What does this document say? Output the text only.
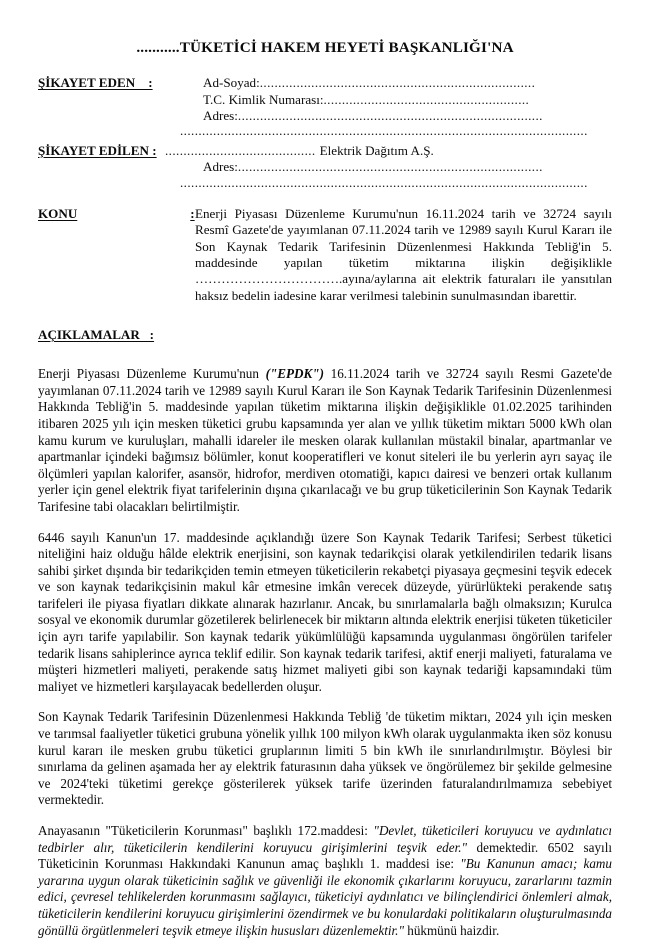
...........TÜKETİCİ HAKEM HEYETİ BAŞKANLIĞI'NA
ŞİKAYET EDEN    :	Ad-Soyad: ...........................................................................
T.C. Kimlik Numarası: ........................................................
Adres: ...................................................................................
...............................................................................................................
ŞİKAYET EDİLEN : ......................................... Elektrik Dağıtım A.Ş.
Adres: ...................................................................................
...............................................................................................................
KONU	: Enerji Piyasası Düzenleme Kurumu'nun 16.11.2024 tarih ve 32724 sayılı Resmî Gazete'de yayımlanan 07.11.2024 tarih ve 12989 sayılı Kurul Kararı ile Son Kaynak Tedarik Tarifesinin Düzenlenmesi Hakkında Tebliğ'in 5. maddesinde yapılan tüketim miktarına ilişkin değişiklikle …………………………….ayına/aylarına ait elektrik faturaları ile yansıtılan haksız bedelin iadesine karar verilmesi talebinin sunulmasından ibarettir.

AÇIKLAMALAR   :

Enerji Piyasası Düzenleme Kurumu'nun ("EPDK") 16.11.2024 tarih ve 32724 sayılı Resmi Gazete'de yayımlanan 07.11.2024 tarih ve 12989 sayılı Kurul Kararı ile Son Kaynak Tedarik Tarifesinin Düzenlenmesi Hakkında Tebliğ'in 5. maddesinde yapılan tüketim miktarına ilişkin değişiklikle 01.02.2025 tarihinden itibaren 2025 yılı için mesken tüketici grubu kapsamında yer alan ve yıllık tüketim miktarı 5000 kWh olan kamu kurum ve kuruluşları, mahalli idareler ile mesken olarak kullanılan müstakil binalar, apartmanlar ve apartmanlar içindeki bağımsız bölümler, konut kooperatifleri ve konut siteleri ile bu yerlerin ayrı sayaç ile ölçümleri yapılan kalorifer, asansör, hidrofor, merdiven otomatiği, kapıcı dairesi ve benzeri ortak kullanım yerler için genel elektrik fiyat tarifelerinin dışına çıkarılacağı ve bu grup tüketicilerinin Son Kaynak Tedarik Tarifesine tabi olacakları belirtilmiştir.

6446 sayılı Kanun'un 17. maddesinde açıklandığı üzere Son Kaynak Tedarik Tarifesi; Serbest tüketici niteliğini haiz olduğu hâlde elektrik enerjisini, son kaynak tedarikçisi olarak yetkilendirilen tedarik lisans sahibi şirket dışında bir tedarikçiden temin etmeyen tüketicilerin rekabetçi piyasaya geçmesini teşvik edecek ve son kaynak tedarikçisinin makul kâr etmesine imkân verecek düzeyde, yürürlükteki perakende satış tarifeleri ile piyasa fiyatları dikkate alınarak hazırlanır. Ancak, bu sınırlamalarla bağlı olmaksızın; Kurulca sosyal ve ekonomik durumlar gözetilerek belirlenecek bir miktarın altında elektrik enerjisi tüketen tüketiciler için ayrı tarife yapılabilir. Son kaynak tedarik yükümlülüğü kapsamında uygulanması öngörülen tarifeler tedarik lisans sahiplerince ayrıca teklif edilir. Son kaynak tedarik tarifesi, aktif enerji maliyeti, faturalama ve müşteri hizmetleri maliyeti, perakende satış hizmet maliyeti gibi son kaynak tedariği kapsamındaki tüm maliyet ve hizmetleri karşılayacak bedellerden oluşur.

Son Kaynak Tedarik Tarifesinin Düzenlenmesi Hakkında Tebliğ 'de tüketim miktarı, 2024 yılı için mesken ve tarımsal faaliyetler tüketici grubuna yönelik yıllık 100 milyon kWh olarak uygulanmakta iken söz konusu kurul kararı ile mesken grubu tüketici gruplarının limiti 5 bin kWh ile sınırlandırılmıştır. Böylesi bir sınırlama da gelinen aşamada her ay elektrik faturasının daha yüksek ve öngörülemez bir şekilde gelmesine ve 2024'teki tüketimi gerekçe gösterilerek yüksek tarife üzerinden faturalandırılmamıza sebebiyet vermektedir.

Anayasanın "Tüketicilerin Korunması" başlıklı 172.maddesi: "Devlet, tüketicileri koruyucu ve aydınlatıcı tedbirler alır, tüketicilerin kendilerini koruyucu girişimlerini teşvik eder." demektedir. 6502 sayılı Tüketicinin Korunması Hakkındaki Kanunun amaç başlıklı 1. maddesi ise: "Bu Kanunun amacı; kamu yararına uygun olarak tüketicinin sağlık ve güvenliği ile ekonomik çıkarlarını koruyucu, zararlarını tazmin edici, çevresel tehlikelerden korunmasını sağlayıcı, tüketiciyi aydınlatıcı ve bilinçlendirici önlemleri almak, tüketicilerin kendilerini koruyucu girişimlerini özendirmek ve bu konulardaki politikaların oluşturulmasında gönüllü örgütlenmeleri teşvik etmeye ilişkin hususları düzenlemektir." hükmünü haizdir.
